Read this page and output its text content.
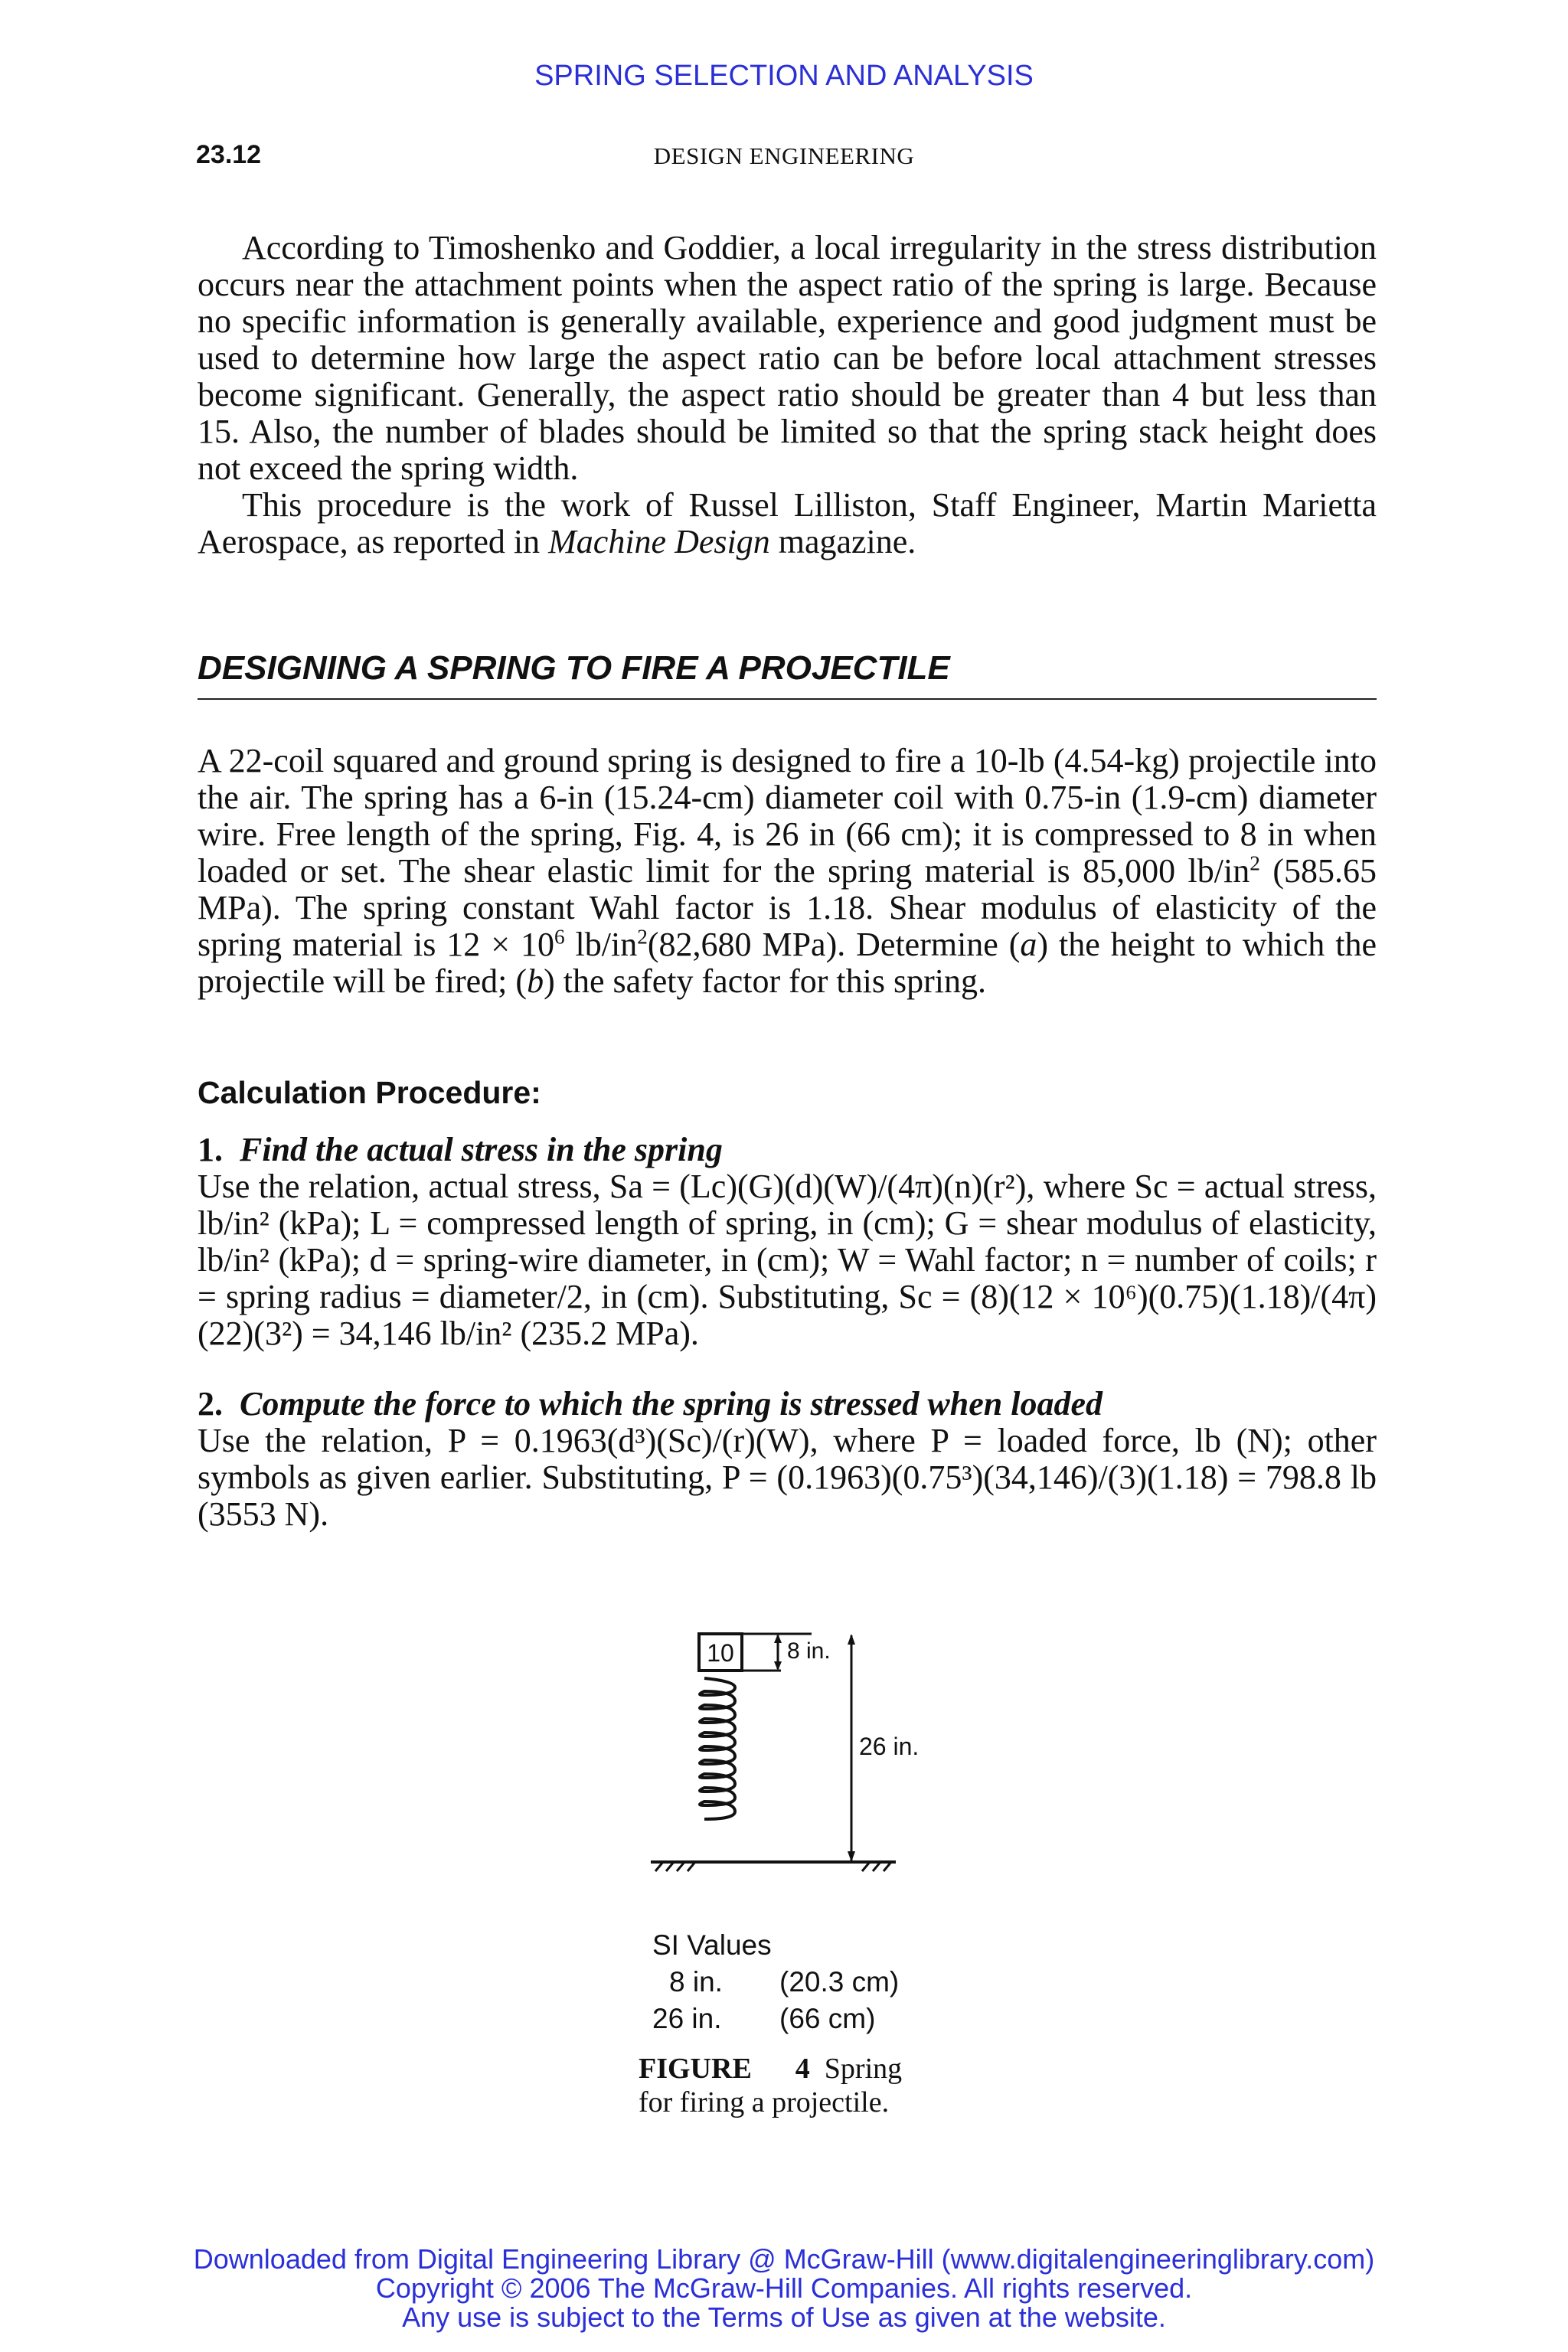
SPRING SELECTION AND ANALYSIS
23.12	DESIGN ENGINEERING

According to Timoshenko and Goddier, a local irregularity in the stress distribution occurs near the attachment points when the aspect ratio of the spring is large. Because no specific information is generally available, experience and good judgment must be used to determine how large the aspect ratio can be before local attachment stresses become significant. Generally, the aspect ratio should be greater than 4 but less than 15. Also, the number of blades should be limited so that the spring stack height does not exceed the spring width.

This procedure is the work of Russel Lilliston, Staff Engineer, Martin Marietta Aerospace, as reported in Machine Design magazine.

DESIGNING A SPRING TO FIRE A PROJECTILE

A 22-coil squared and ground spring is designed to fire a 10-lb (4.54-kg) projectile into the air. The spring has a 6-in (15.24-cm) diameter coil with 0.75-in (1.9-cm) diameter wire. Free length of the spring, Fig. 4, is 26 in (66 cm); it is compressed to 8 in when loaded or set. The shear elastic limit for the spring material is 85,000 $lb/in^2$ (585.65 MPa). The spring constant Wahl factor is 1.18. Shear modulus of elasticity of the spring material is $12 \times 10^6$ $lb/in^2(82,680$ MPa). Determine (a) the height to which the projectile will be fired; (b) the safety factor for this spring.

Calculation Procedure:

1. Find the actual stress in the spring

Use the relation, actual stress, Sa = (Lc)(G)(d)(W)/(4π)(n)(r²), where Sc = actual stress, lb/in² (kPa); L = compressed length of spring, in (cm); G = shear modulus of elasticity, lb/in² (kPa); d = spring-wire diameter, in (cm); W = Wahl factor; n = number of coils; r = spring radius = diameter/2, in (cm). Substituting, Sc = (8)(12 × 10⁶)(0.75)(1.18)/(4π)(22)(3²) = 34,146 lb/in² (235.2 MPa).

2. Compute the force to which the spring is stressed when loaded

Use the relation, P = 0.1963(d³)(Sc)/(r)(W), where P = loaded force, lb (N); other symbols as given earlier. Substituting, P = (0.1963)(0.75³)(34,146)/(3)(1.18) = 798.8 lb (3553 N).

10 8 in.
26 in.
SI Values
8 in. (20.3 cm)
26 in. (66 cm)
FIGURE 4 Spring
for firing a projectile.
Downloaded from Digital Engineering Library @ McGraw-Hill (www.digitalengineeringlibrary.com)
Copyright © 2006 The McGraw-Hill Companies. All rights reserved.
Any use is subject to the Terms of Use as given at the website.
